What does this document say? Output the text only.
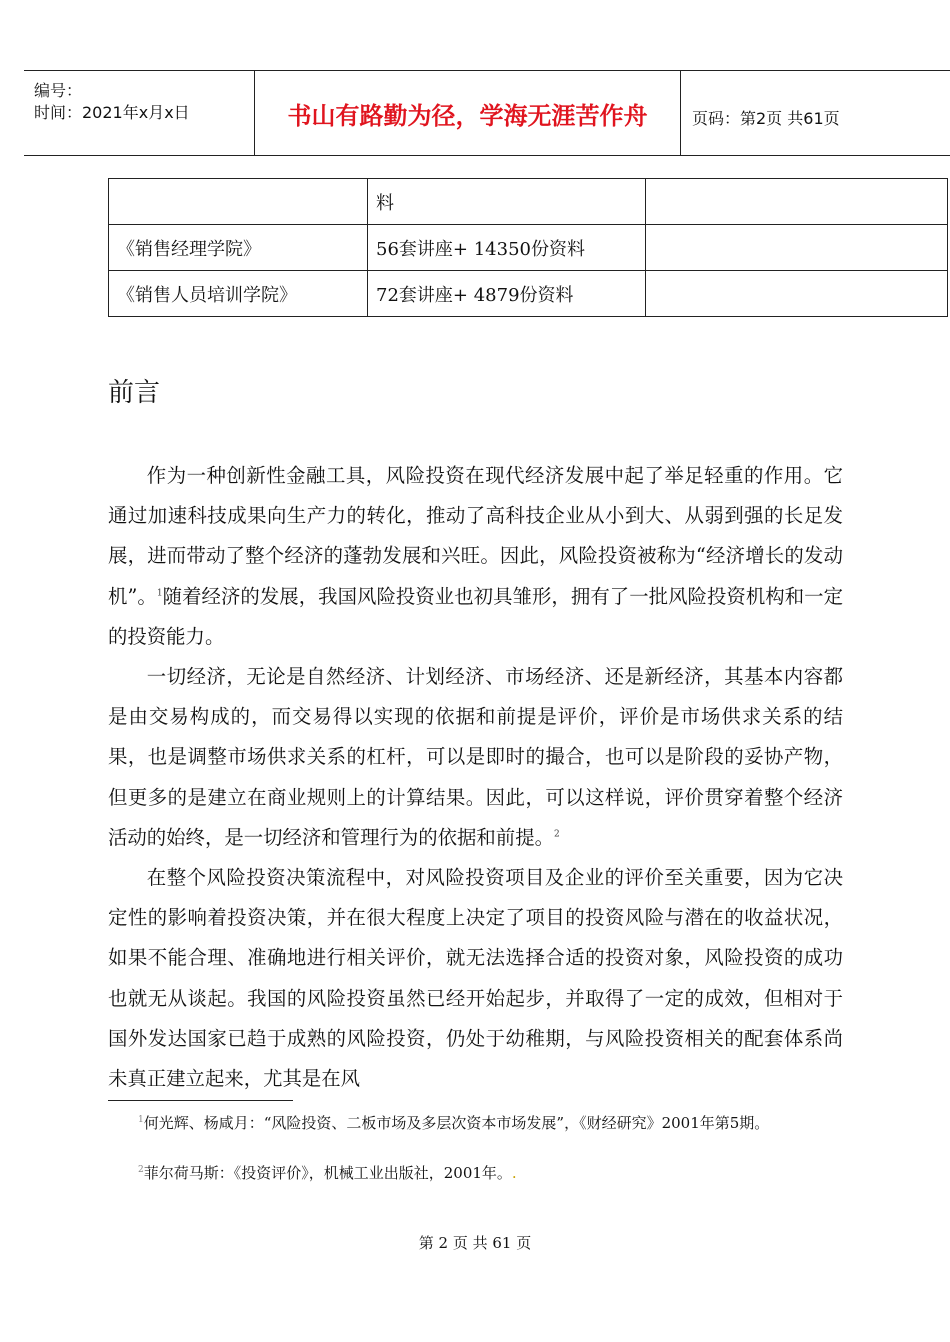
编号：
时间：2021年x月x日	书山有路勤为径，学海无涯苦作舟	页码：第2页 共61页
	料	
《销售经理学院》	56套讲座+ 14350份资料	
《销售人员培训学院》	72套讲座+ 4879份资料	
前言

作为一种创新性金融工具，风险投资在现代经济发展中起了举足轻重的作用。它通过加速科技成果向生产力的转化，推动了高科技企业从小到大、从弱到强的长足发展，进而带动了整个经济的蓬勃发展和兴旺。因此，风险投资被称为“经济增长的发动机”。$^1$随着经济的发展，我国风险投资业也初具雏形，拥有了一批风险投资机构和一定的投资能力。

一切经济，无论是自然经济、计划经济、市场经济、还是新经济，其基本内容都是由交易构成的，而交易得以实现的依据和前提是评价，评价是市场供求关系的结果，也是调整市场供求关系的杠杆，可以是即时的撮合，也可以是阶段的妥协产物，但更多的是建立在商业规则上的计算结果。因此，可以这样说，评价贯穿着整个经济活动的始终，是一切经济和管理行为的依据和前提。$^2$

在整个风险投资决策流程中，对风险投资项目及企业的评价至关重要，因为它决定性的影响着投资决策，并在很大程度上决定了项目的投资风险与潜在的收益状况，如果不能合理、准确地进行相关评价，就无法选择合适的投资对象，风险投资的成功也就无从谈起。我国的风险投资虽然已经开始起步，并取得了一定的成效，但相对于国外发达国家已趋于成熟的风险投资，仍处于幼稚期，与风险投资相关的配套体系尚未真正建立起来，尤其是在风

$^1$何光辉、杨咸月：“风险投资、二板市场及多层次资本市场发展”，《财经研究》2001年第5期。
$^2$菲尔荷马斯：《投资评价》，机械工业出版社，2001年。.
第 2 页 共 61 页
